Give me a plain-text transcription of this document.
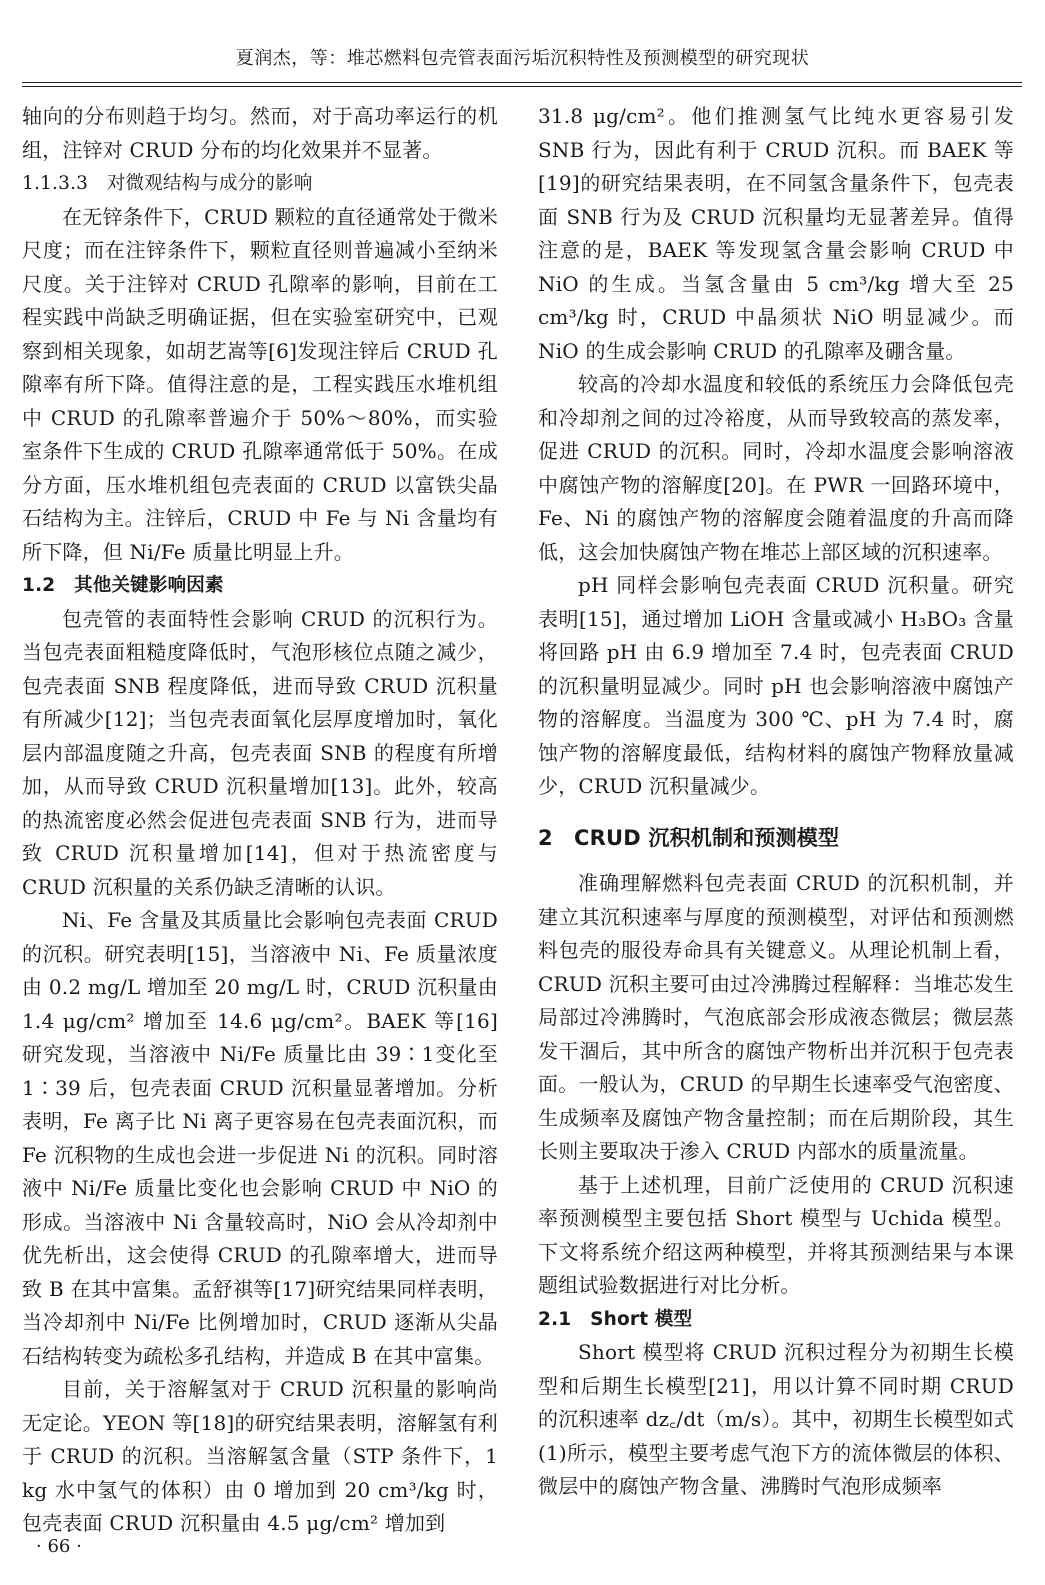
夏润杰，等：堆芯燃料包壳管表面污垢沉积特性及预测模型的研究现状

轴向的分布则趋于均匀。然而，对于高功率运行的机组，注锌对 CRUD 分布的均化效果并不显著。

1.1.3.3　对微观结构与成分的影响

在无锌条件下，CRUD 颗粒的直径通常处于微米尺度；而在注锌条件下，颗粒直径则普遍减小至纳米尺度。关于注锌对 CRUD 孔隙率的影响，目前在工程实践中尚缺乏明确证据，但在实验室研究中，已观察到相关现象，如胡艺嵩等[6]发现注锌后 CRUD 孔隙率有所下降。值得注意的是，工程实践压水堆机组中 CRUD 的孔隙率普遍介于 50%～80%，而实验室条件下生成的 CRUD 孔隙率通常低于 50%。在成分方面，压水堆机组包壳表面的 CRUD 以富铁尖晶石结构为主。注锌后，CRUD 中 Fe 与 Ni 含量均有所下降，但 Ni/Fe 质量比明显上升。

1.2　其他关键影响因素

包壳管的表面特性会影响 CRUD 的沉积行为。当包壳表面粗糙度降低时，气泡形核位点随之减少，包壳表面 SNB 程度降低，进而导致 CRUD 沉积量有所减少[12]；当包壳表面氧化层厚度增加时，氧化层内部温度随之升高，包壳表面 SNB 的程度有所增加，从而导致 CRUD 沉积量增加[13]。此外，较高的热流密度必然会促进包壳表面 SNB 行为，进而导致 CRUD 沉积量增加[14]，但对于热流密度与 CRUD 沉积量的关系仍缺乏清晰的认识。

Ni、Fe 含量及其质量比会影响包壳表面 CRUD 的沉积。研究表明[15]，当溶液中 Ni、Fe 质量浓度由 0.2 mg/L 增加至 20 mg/L 时，CRUD 沉积量由 1.4 μg/cm² 增加至 14.6 μg/cm²。BAEK 等[16]研究发现，当溶液中 Ni/Fe 质量比由 39∶1变化至 1∶39 后，包壳表面 CRUD 沉积量显著增加。分析表明，Fe 离子比 Ni 离子更容易在包壳表面沉积，而 Fe 沉积物的生成也会进一步促进 Ni 的沉积。同时溶液中 Ni/Fe 质量比变化也会影响 CRUD 中 NiO 的形成。当溶液中 Ni 含量较高时，NiO 会从冷却剂中优先析出，这会使得 CRUD 的孔隙率增大，进而导致 B 在其中富集。孟舒祺等[17]研究结果同样表明，当冷却剂中 Ni/Fe 比例增加时，CRUD 逐渐从尖晶石结构转变为疏松多孔结构，并造成 B 在其中富集。

目前，关于溶解氢对于 CRUD 沉积量的影响尚无定论。YEON 等[18]的研究结果表明，溶解氢有利于 CRUD 的沉积。当溶解氢含量（STP 条件下，1 kg 水中氢气的体积）由 0 增加到 20 cm³/kg 时，包壳表面 CRUD 沉积量由 4.5 μg/cm² 增加到

31.8 μg/cm²。他们推测氢气比纯水更容易引发 SNB 行为，因此有利于 CRUD 沉积。而 BAEK 等[19]的研究结果表明，在不同氢含量条件下，包壳表面 SNB 行为及 CRUD 沉积量均无显著差异。值得注意的是，BAEK 等发现氢含量会影响 CRUD 中 NiO 的生成。当氢含量由 5 cm³/kg 增大至 25 cm³/kg 时，CRUD 中晶须状 NiO 明显减少。而 NiO 的生成会影响 CRUD 的孔隙率及硼含量。

较高的冷却水温度和较低的系统压力会降低包壳和冷却剂之间的过冷裕度，从而导致较高的蒸发率，促进 CRUD 的沉积。同时，冷却水温度会影响溶液中腐蚀产物的溶解度[20]。在 PWR 一回路环境中，Fe、Ni 的腐蚀产物的溶解度会随着温度的升高而降低，这会加快腐蚀产物在堆芯上部区域的沉积速率。

pH 同样会影响包壳表面 CRUD 沉积量。研究表明[15]，通过增加 LiOH 含量或减小 H₃BO₃ 含量将回路 pH 由 6.9 增加至 7.4 时，包壳表面 CRUD 的沉积量明显减少。同时 pH 也会影响溶液中腐蚀产物的溶解度。当温度为 300 ℃、pH 为 7.4 时，腐蚀产物的溶解度最低，结构材料的腐蚀产物释放量减少，CRUD 沉积量减少。

2　CRUD 沉积机制和预测模型

准确理解燃料包壳表面 CRUD 的沉积机制，并建立其沉积速率与厚度的预测模型，对评估和预测燃料包壳的服役寿命具有关键意义。从理论机制上看，CRUD 沉积主要可由过冷沸腾过程解释：当堆芯发生局部过冷沸腾时，气泡底部会形成液态微层；微层蒸发干涸后，其中所含的腐蚀产物析出并沉积于包壳表面。一般认为，CRUD 的早期生长速率受气泡密度、生成频率及腐蚀产物含量控制；而在后期阶段，其生长则主要取决于渗入 CRUD 内部水的质量流量。

基于上述机理，目前广泛使用的 CRUD 沉积速率预测模型主要包括 Short 模型与 Uchida 模型。下文将系统介绍这两种模型，并将其预测结果与本课题组试验数据进行对比分析。

2.1　Short 模型

Short 模型将 CRUD 沉积过程分为初期生长模型和后期生长模型[21]，用以计算不同时期 CRUD 的沉积速率 dz꜀/dt（m/s）。其中，初期生长模型如式(1)所示，模型主要考虑气泡下方的流体微层的体积、微层中的腐蚀产物含量、沸腾时气泡形成频率

· 66 ·
